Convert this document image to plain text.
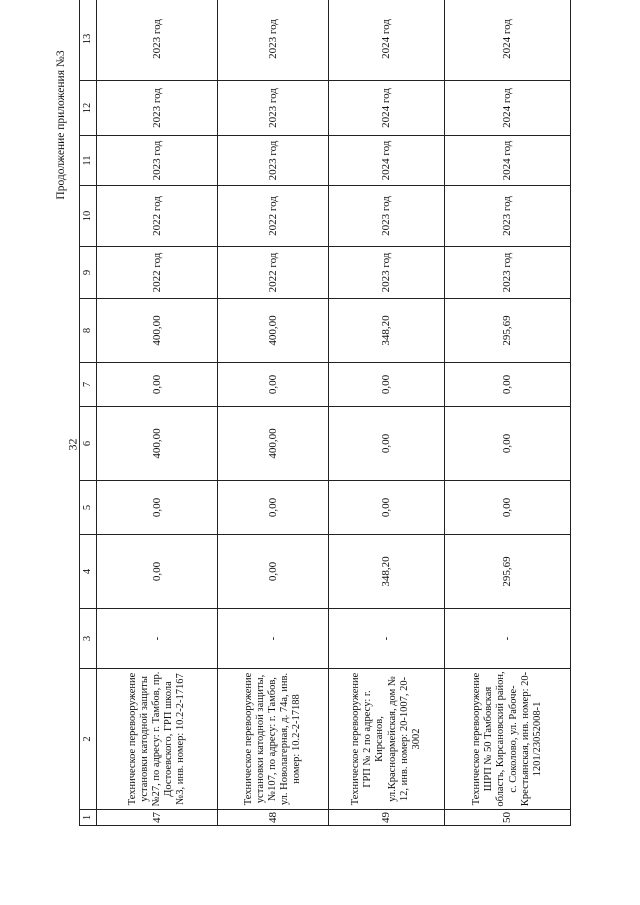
32
Продолжение приложения №3
1	2	3	4	5	6	7	8	9	10	11	12	13
47	Техническое перевооружение установки катодной защиты №27, по адресу: г. Тамбов, пр. Достоевского, ГРП школа №3, инв. номер: 10.2-2-17167	-	0,00	0,00	400,00	0,00	400,00	2022 год	2022 год	2023 год	2023 год	2023 год
48	Техническое перевооружение установки катодной защиты, №107, по адресу: г. Тамбов, ул. Новолагерная, д. 74а, инв. номер: 10.2-2-17188	-	0,00	0,00	400,00	0,00	400,00	2022 год	2022 год	2023 год	2023 год	2023 год
49	Техническое перевооружение ГРП № 2 по адресу: г. Кирсанов, ул.Красноармейская, дом № 12, инв. номер: 20-1007, 20-3002	-	348,20	0,00	0,00	0,00	348,20	2023 год	2023 год	2024 год	2024 год	2024 год
50	Техническое перевооружение ШРП № 50 Тамбовская область, Кирсановский район, с. Соколово, ул. Рабоче-Крестьянская, инв. номер: 20-1201/23052008-1	-	295,69	0,00	0,00	0,00	295,69	2023 год	2023 год	2024 год	2024 год	2024 год
